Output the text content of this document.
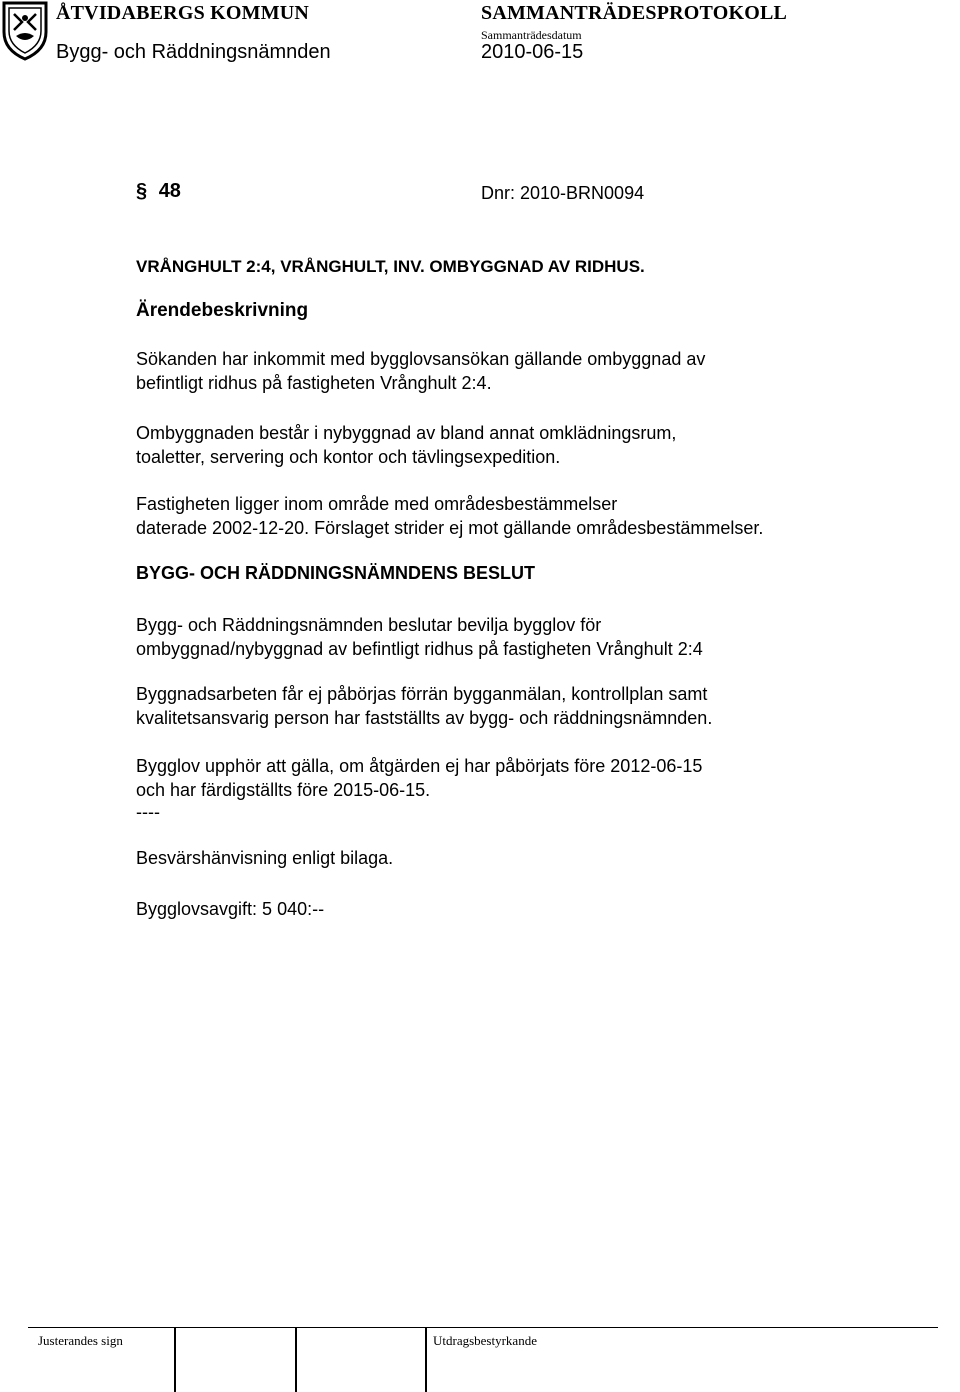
ÅTVIDABERGS KOMMUN	SAMMANTRÄDESPROTOKOLL
Sammanträdesdatum
Bygg- och Räddningsnämnden	2010-06-15
§ 48	Dnr: 2010-BRN0094
VRÅNGHULT 2:4, VRÅNGHULT, INV. OMBYGGNAD AV RIDHUS.
Ärendebeskrivning
Sökanden har inkommit med bygglovsansökan gällande ombyggnad av
befintligt ridhus på fastigheten Vrånghult 2:4.
Ombyggnaden består i nybyggnad av bland annat omklädningsrum,
toaletter, servering och kontor och tävlingsexpedition.
Fastigheten ligger inom område med områdesbestämmelser
daterade 2002-12-20. Förslaget strider ej mot gällande områdesbestämmelser.
BYGG- OCH RÄDDNINGSNÄMNDENS BESLUT
Bygg- och Räddningsnämnden beslutar bevilja bygglov för
ombyggnad/nybyggnad av befintligt ridhus på fastigheten Vrånghult 2:4
Byggnadsarbeten får ej påbörjas förrän bygganmälan, kontrollplan samt
kvalitetsansvarig person har fastställts av bygg- och räddningsnämnden.
Bygglov upphör att gälla, om åtgärden ej har påbörjats före 2012-06-15
och har färdigställts före 2015-06-15.
----
Besvärshänvisning enligt bilaga.
Bygglovsavgift: 5 040:--
Justerandes sign	Utdragsbestyrkande
